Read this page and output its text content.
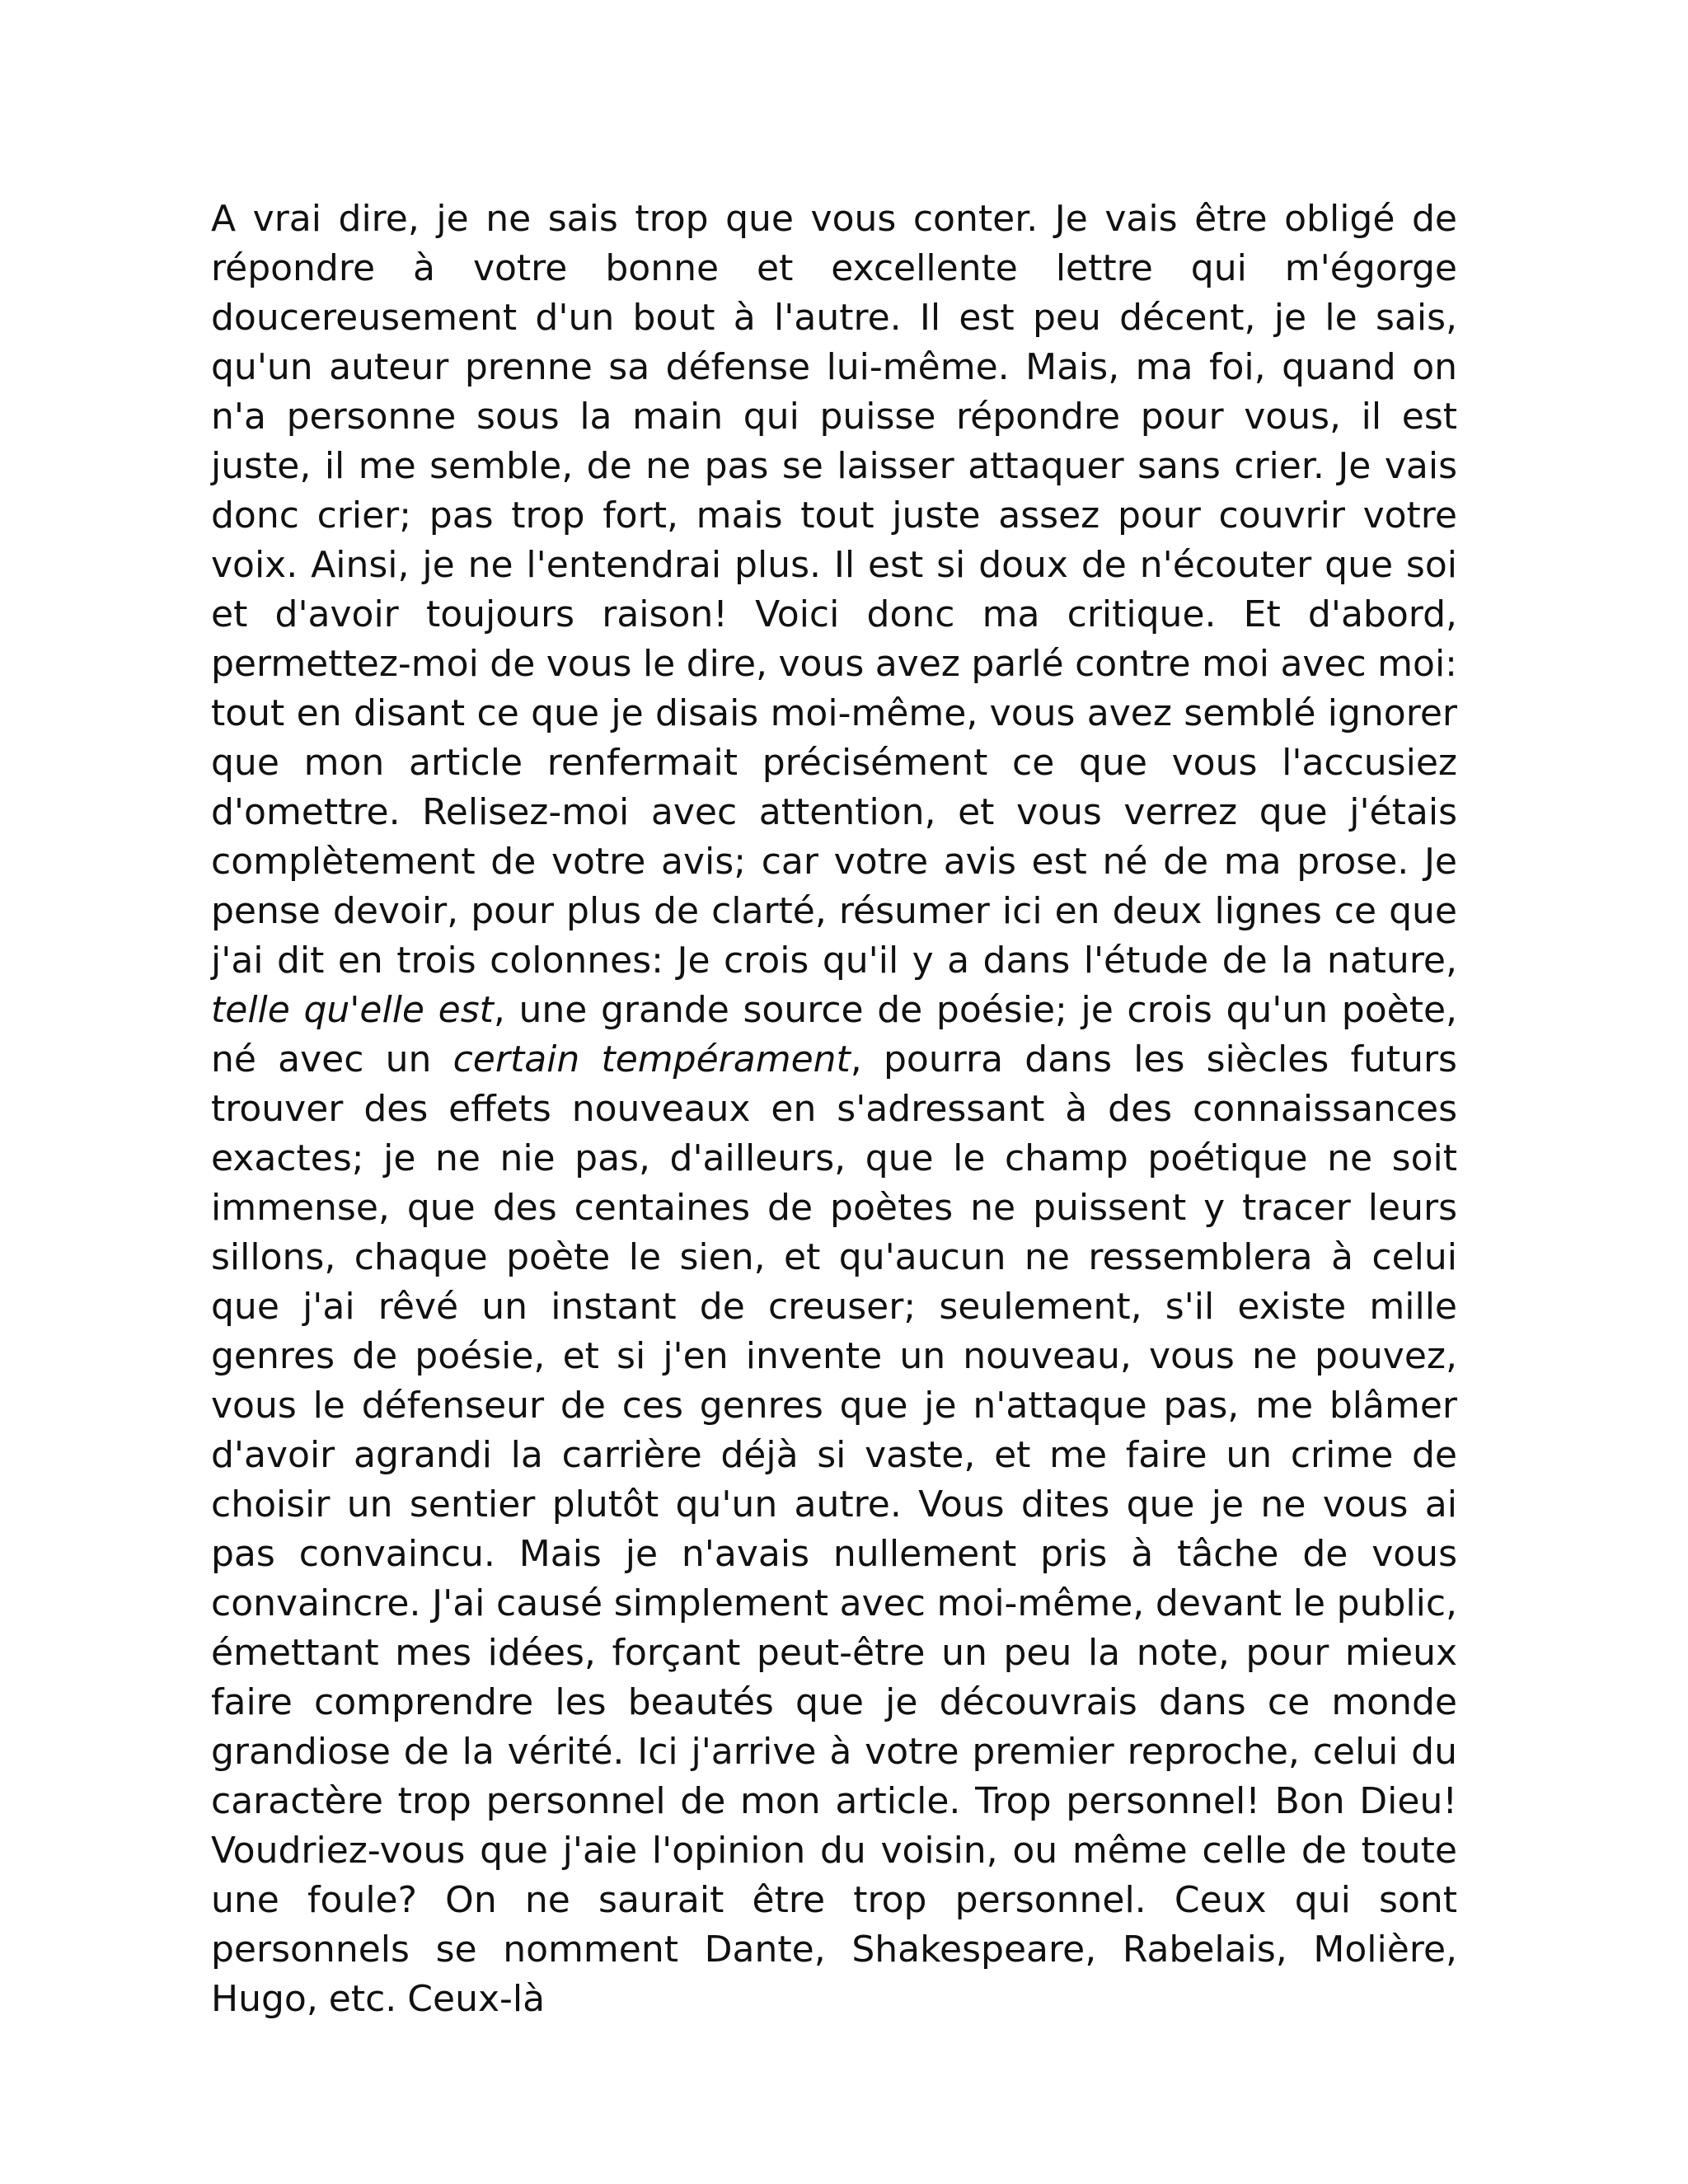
A vrai dire, je ne sais trop que vous conter. Je vais être obligé de répondre à votre bonne et excellente lettre qui m'égorge doucereusement d'un bout à l'autre. Il est peu décent, je le sais, qu'un auteur prenne sa défense lui-même. Mais, ma foi, quand on n'a personne sous la main qui puisse répondre pour vous, il est juste, il me semble, de ne pas se laisser attaquer sans crier. Je vais donc crier; pas trop fort, mais tout juste assez pour couvrir votre voix. Ainsi, je ne l'entendrai plus. Il est si doux de n'écouter que soi et d'avoir toujours raison! Voici donc ma critique. Et d'abord, permettez-moi de vous le dire, vous avez parlé contre moi avec moi: tout en disant ce que je disais moi-même, vous avez semblé ignorer que mon article renfermait précisément ce que vous l'accusiez d'omettre. Relisez-moi avec attention, et vous verrez que j'étais complètement de votre avis; car votre avis est né de ma prose. Je pense devoir, pour plus de clarté, résumer ici en deux lignes ce que j'ai dit en trois colonnes: Je crois qu'il y a dans l'étude de la nature, telle qu'elle est, une grande source de poésie; je crois qu'un poète, né avec un certain tempérament, pourra dans les siècles futurs trouver des effets nouveaux en s'adressant à des connaissances exactes; je ne nie pas, d'ailleurs, que le champ poétique ne soit immense, que des centaines de poètes ne puissent y tracer leurs sillons, chaque poète le sien, et qu'aucun ne ressemblera à celui que j'ai rêvé un instant de creuser; seulement, s'il existe mille genres de poésie, et si j'en invente un nouveau, vous ne pouvez, vous le défenseur de ces genres que je n'attaque pas, me blâmer d'avoir agrandi la carrière déjà si vaste, et me faire un crime de choisir un sentier plutôt qu'un autre. Vous dites que je ne vous ai pas convaincu. Mais je n'avais nullement pris à tâche de vous convaincre. J'ai causé simplement avec moi-même, devant le public, émettant mes idées, forçant peut-être un peu la note, pour mieux faire comprendre les beautés que je découvrais dans ce monde grandiose de la vérité. Ici j'arrive à votre premier reproche, celui du caractère trop personnel de mon article. Trop personnel! Bon Dieu! Voudriez-vous que j'aie l'opinion du voisin, ou même celle de toute une foule? On ne saurait être trop personnel. Ceux qui sont personnels se nomment Dante, Shakespeare, Rabelais, Molière, Hugo, etc. Ceux-là
